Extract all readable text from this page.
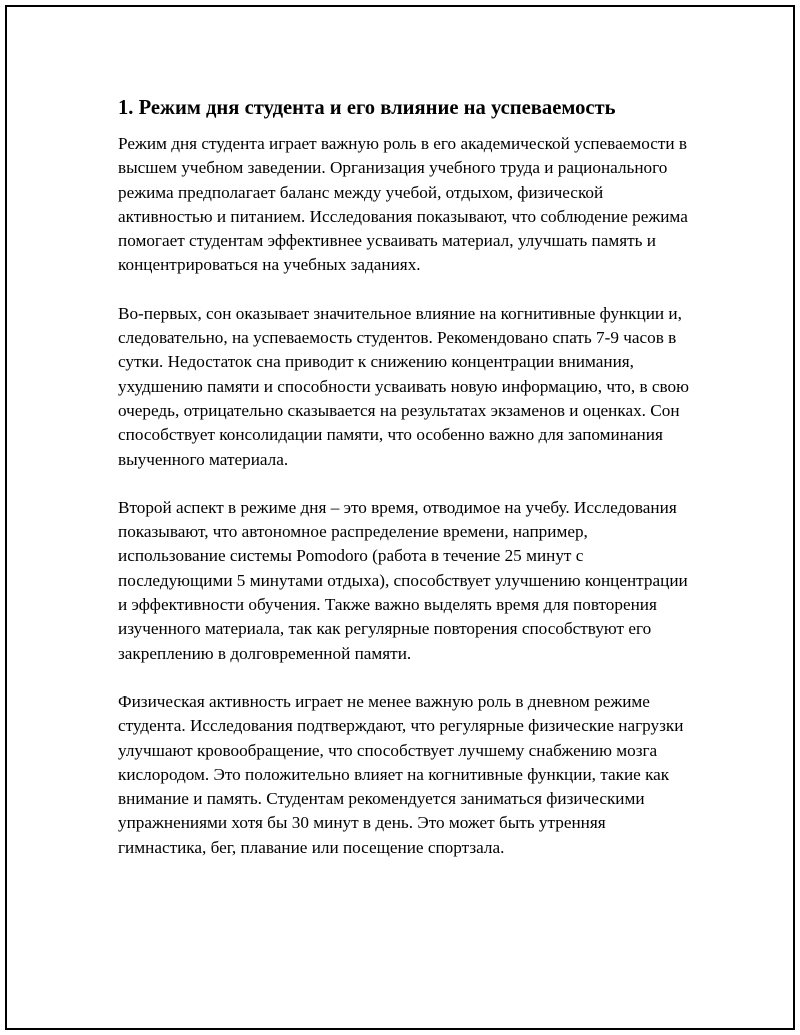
1. Режим дня студента и его влияние на успеваемость

Режим дня студента играет важную роль в его академической успеваемости в высшем учебном заведении. Организация учебного труда и рационального режима предполагает баланс между учебой, отдыхом, физической активностью и питанием. Исследования показывают, что соблюдение режима помогает студентам эффективнее усваивать материал, улучшать память и концентрироваться на учебных заданиях.

Во-первых, сон оказывает значительное влияние на когнитивные функции и, следовательно, на успеваемость студентов. Рекомендовано спать 7-9 часов в сутки. Недостаток сна приводит к снижению концентрации внимания, ухудшению памяти и способности усваивать новую информацию, что, в свою очередь, отрицательно сказывается на результатах экзаменов и оценках. Сон способствует консолидации памяти, что особенно важно для запоминания выученного материала.

Второй аспект в режиме дня – это время, отводимое на учебу. Исследования показывают, что автономное распределение времени, например, использование системы Pomodoro (работа в течение 25 минут с последующими 5 минутами отдыха), способствует улучшению концентрации и эффективности обучения. Также важно выделять время для повторения изученного материала, так как регулярные повторения способствуют его закреплению в долговременной памяти.

Физическая активность играет не менее важную роль в дневном режиме студента. Исследования подтверждают, что регулярные физические нагрузки улучшают кровообращение, что способствует лучшему снабжению мозга кислородом. Это положительно влияет на когнитивные функции, такие как внимание и память. Студентам рекомендуется заниматься физическими упражнениями хотя бы 30 минут в день. Это может быть утренняя гимнастика, бег, плавание или посещение спортзала.
